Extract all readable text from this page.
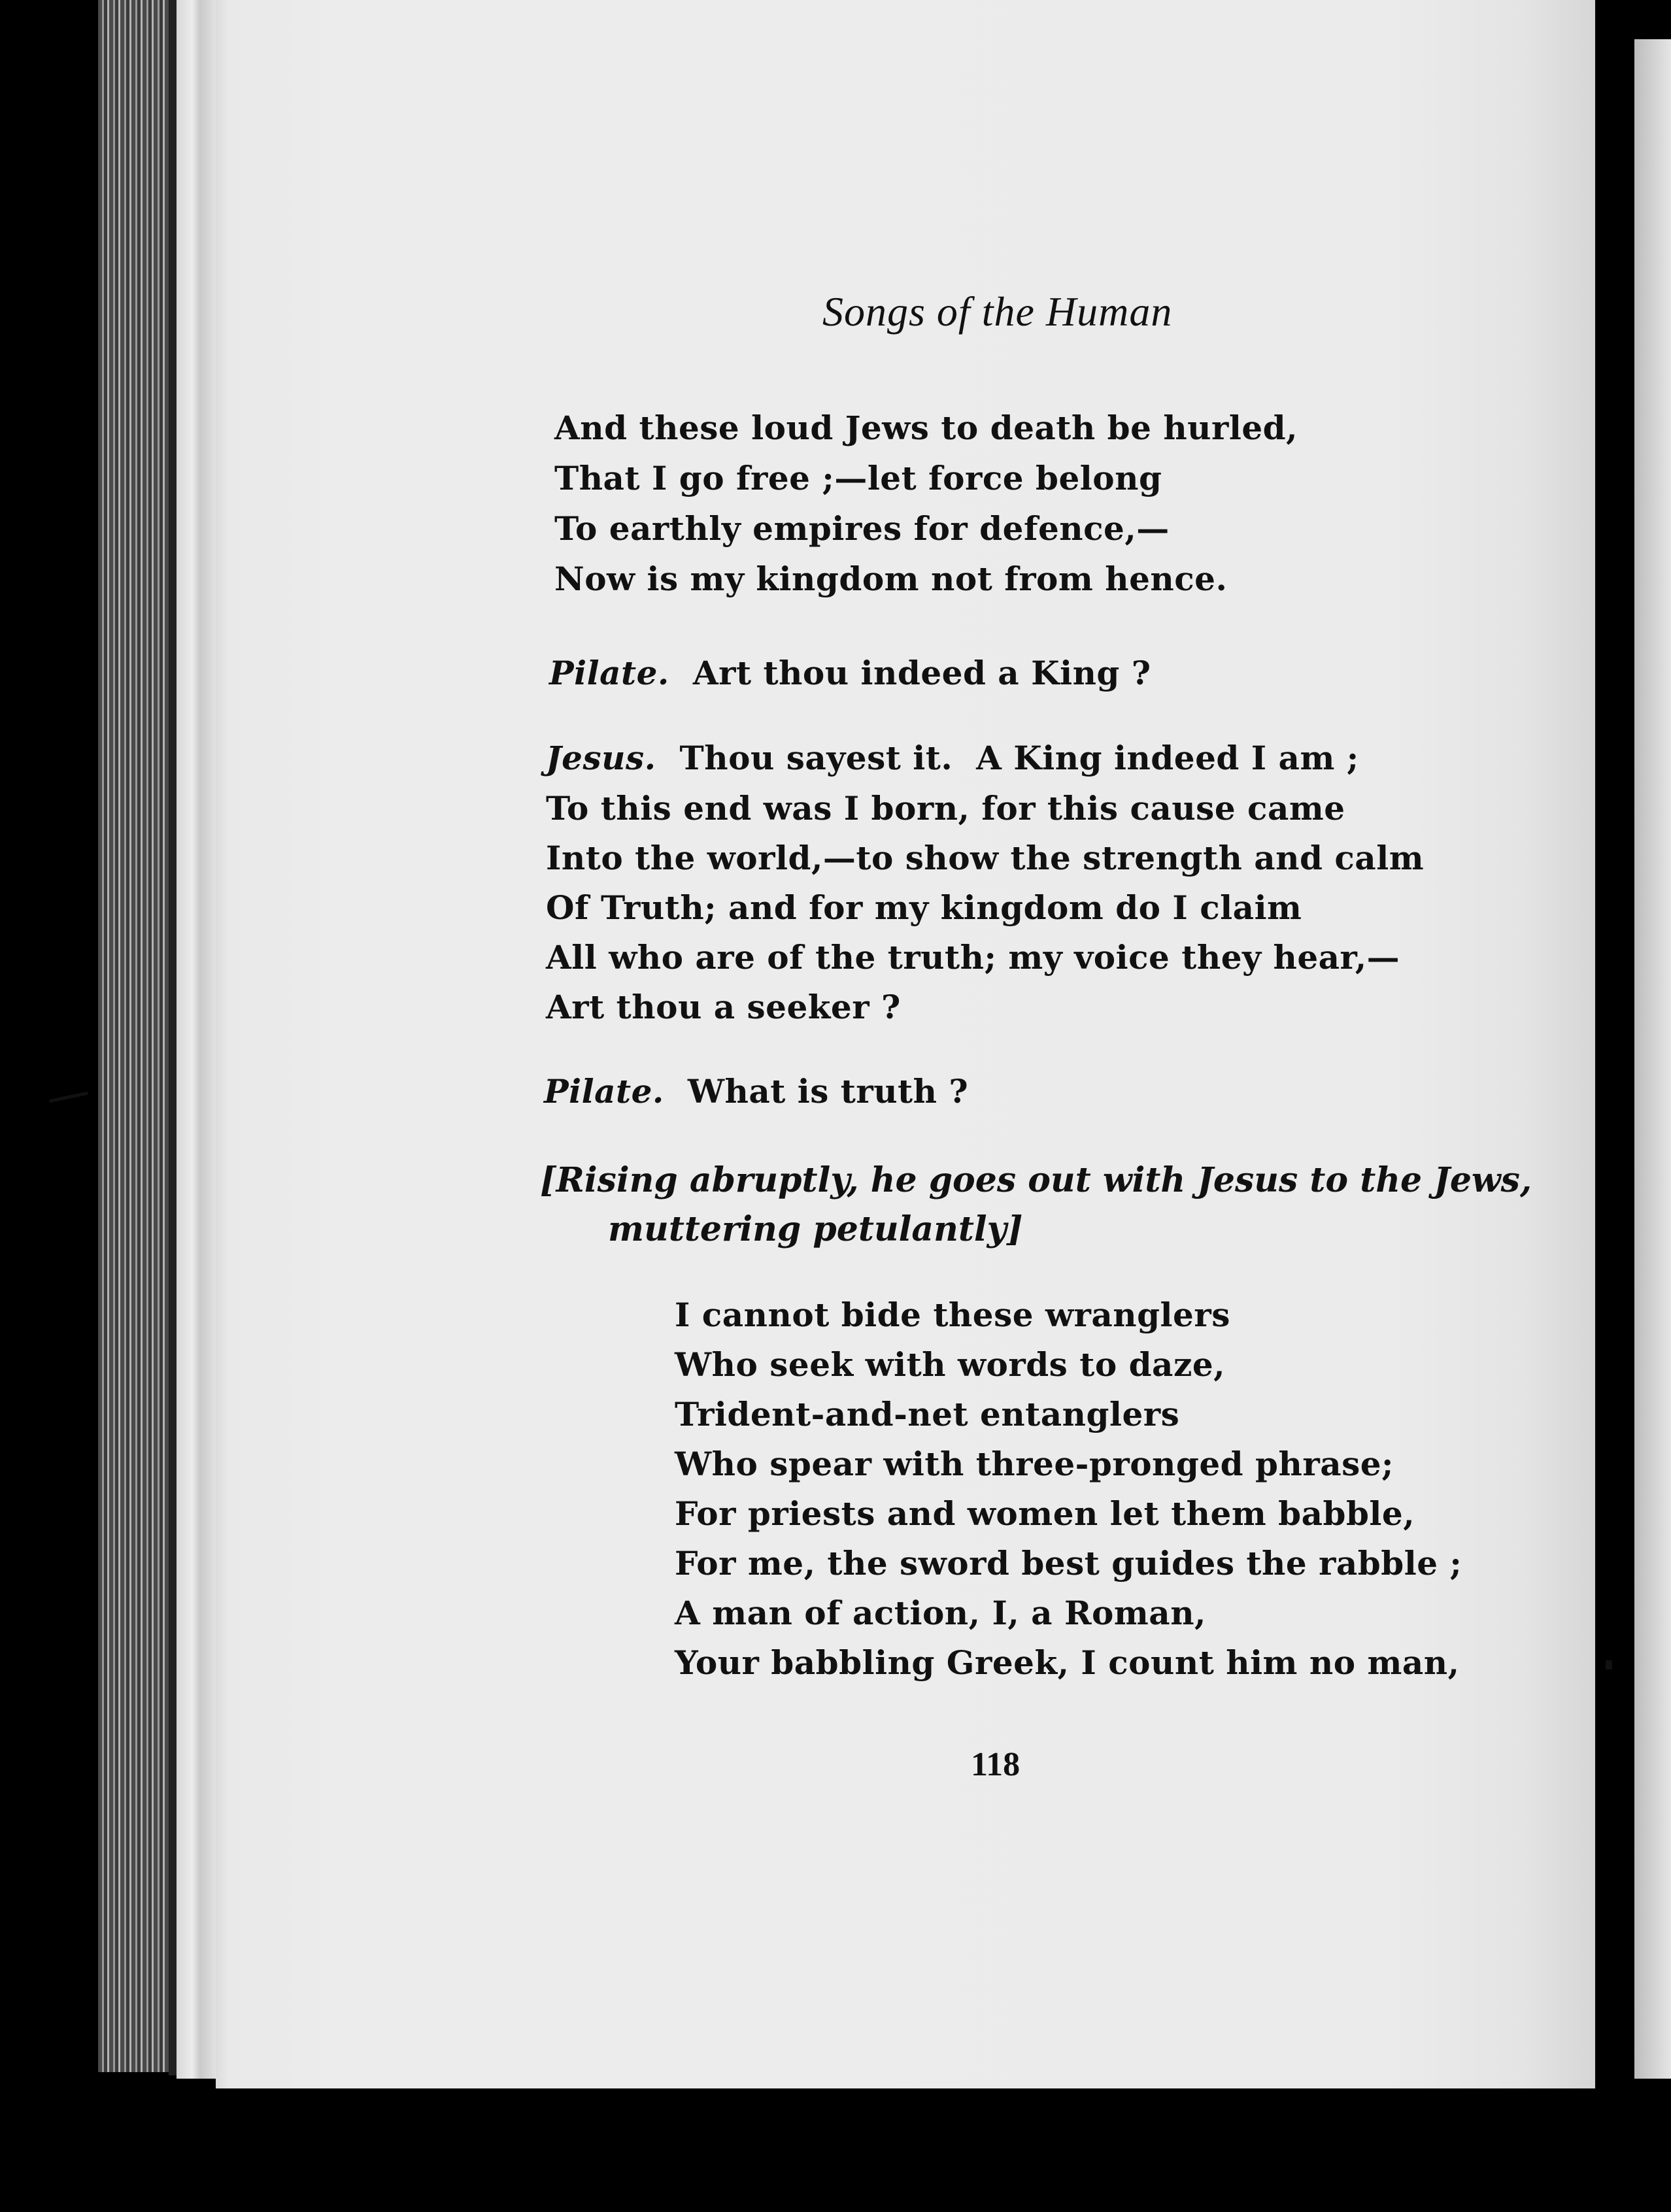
Songs of the Human
And these loud Jews to death be hurled,
That I go free ;—let force belong
To earthly empires for defence,—
Now is my kingdom not from hence.
Pilate. Art thou indeed a King ?
Jesus. Thou sayest it.  A King indeed I am ;
To this end was I born, for this cause came
Into the world,—to show the strength and calm
Of Truth; and for my kingdom do I claim
All who are of the truth; my voice they hear,—
Art thou a seeker ?
Pilate. What is truth ?
[Rising abruptly, he goes out with Jesus to the Jews,
muttering petulantly]
I cannot bide these wranglers
Who seek with words to daze,
Trident-and-net entanglers
Who spear with three-pronged phrase;
For priests and women let them babble,
For me, the sword best guides the rabble ;
A man of action, I, a Roman,
Your babbling Greek, I count him no man,
118
